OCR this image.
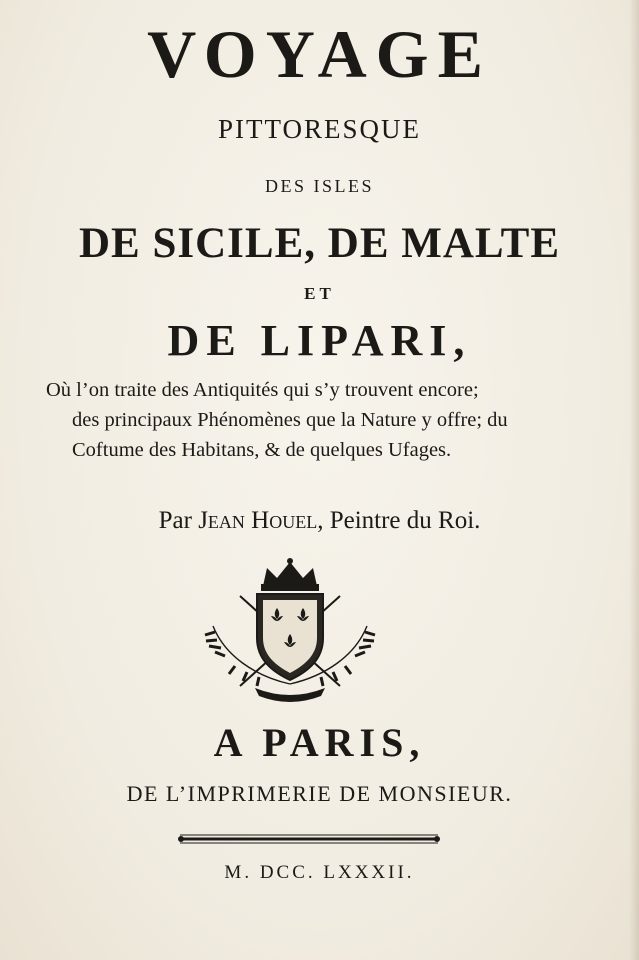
VOYAGE
PITTORESQUE
DES ISLES
DE SICILE, DE MALTE
ET
DE LIPARI,
Où l’on traite des Antiquités qui s’y trouvent encore;
des principaux Phénomènes que la Nature y offre; du
Coftume des Habitans, & de quelques Ufages.
Par Jean Houel, Peintre du Roi.
A PARIS,
DE L’IMPRIMERIE DE MONSIEUR.
M. DCC. LXXXII.
